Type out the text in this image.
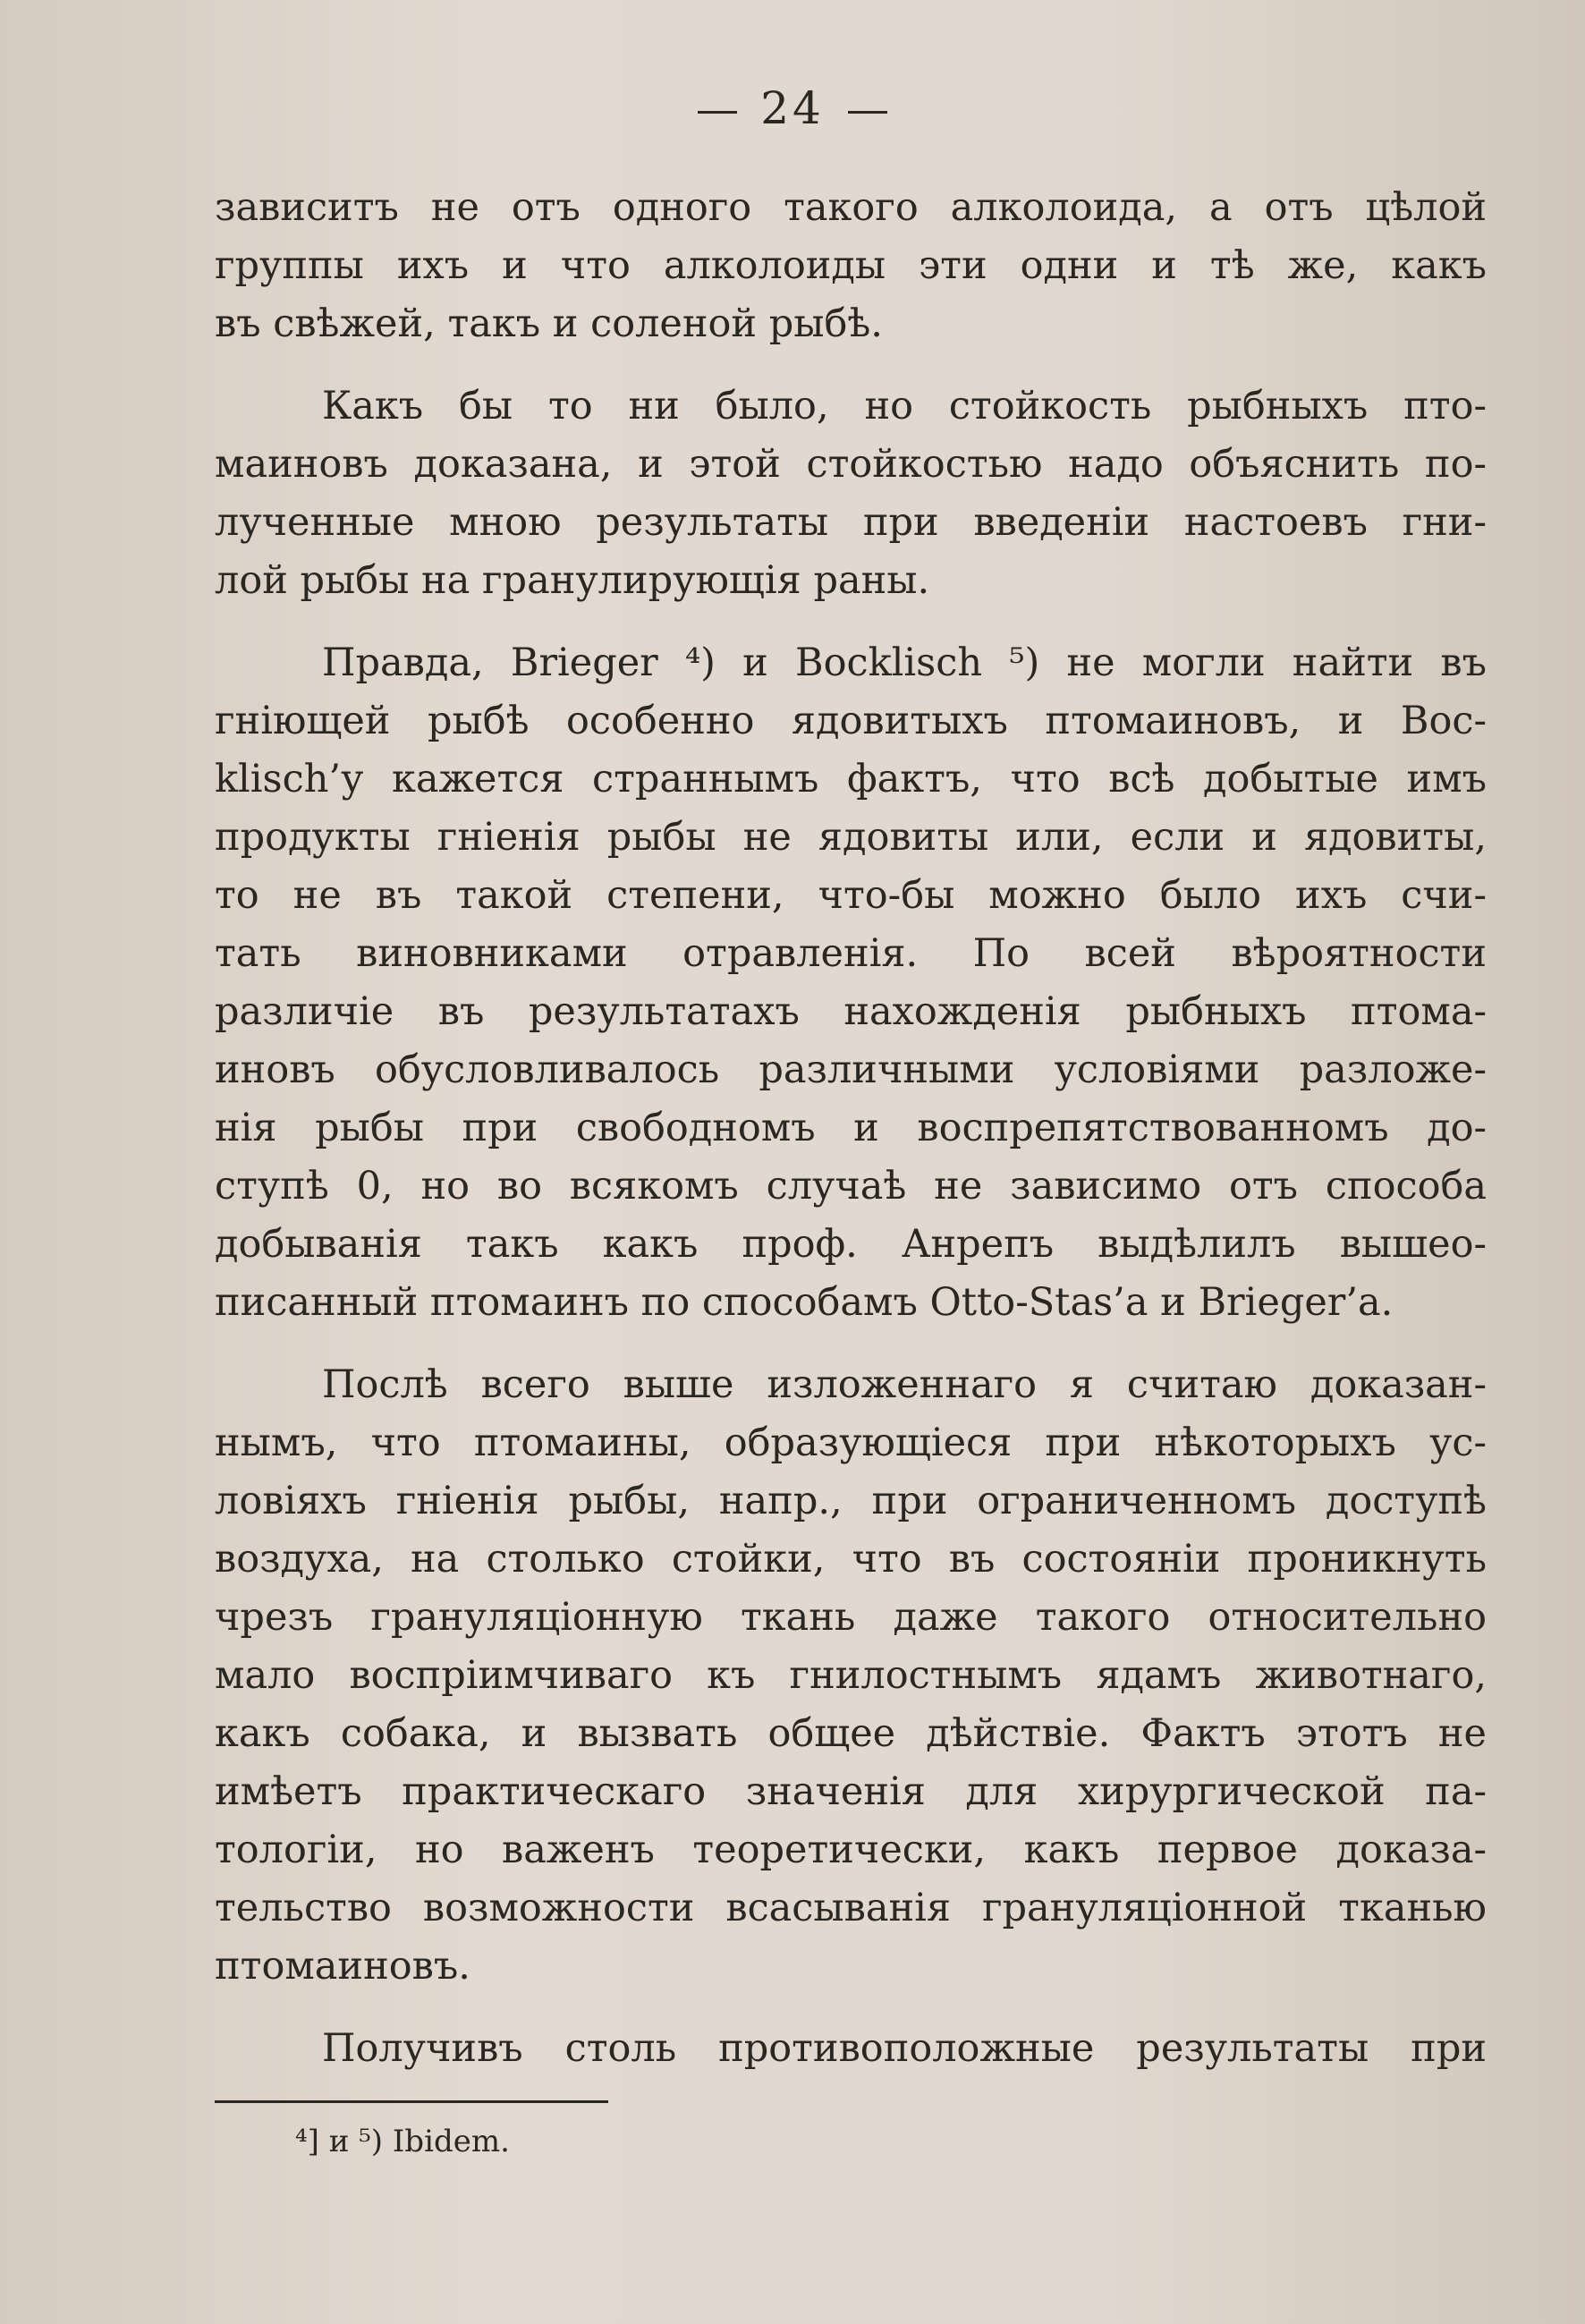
24
зависитъ не отъ одного такого алколоида, а отъ цѣлой
группы ихъ и что алколоиды эти одни и тѣ же, какъ
въ свѣжей, такъ и соленой рыбѣ.
Какъ бы то ни было, но стойкость рыбныхъ пто-
маиновъ доказана, и этой стойкостью надо объяснить по-
лученные мною результаты при введеніи настоевъ гни-
лой рыбы на гранулирующія раны.
Правда, Brieger ⁴) и Bocklisch ⁵) не могли найти въ
гніющей рыбѣ особенно ядовитыхъ птомаиновъ, и Boc-
klisch’у кажется страннымъ фактъ, что всѣ добытые имъ
продукты гніенія рыбы не ядовиты или, если и ядовиты,
то не въ такой степени, что-бы можно было ихъ счи-
тать виновниками отравленія. По всей вѣроятности
различіе въ результатахъ нахожденія рыбныхъ птома-
иновъ обусловливалось различными условіями разложе-
нія рыбы при свободномъ и воспрепятствованномъ до-
ступѣ 0, но во всякомъ случаѣ не зависимо отъ способа
добыванія такъ какъ проф. Анрепъ выдѣлилъ вышео-
писанный птомаинъ по способамъ Otto-Stas’a и Brieger’a.
Послѣ всего выше изложеннаго я считаю доказан-
нымъ, что птомаины, образующіеся при нѣкоторыхъ ус-
ловіяхъ гніенія рыбы, напр., при ограниченномъ доступѣ
воздуха, на столько стойки, что въ состояніи проникнуть
чрезъ грануляціонную ткань даже такого относительно
мало воспріимчиваго къ гнилостнымъ ядамъ животнаго,
какъ собака, и вызвать общее дѣйствіе. Фактъ этотъ не
имѣетъ практическаго значенія для хирургической па-
тологіи, но важенъ теоретически, какъ первое доказа-
тельство возможности всасыванія грануляціонной тканью
птомаиновъ.
Получивъ столь противоположные результаты при
⁴] и ⁵) Ibidem.
